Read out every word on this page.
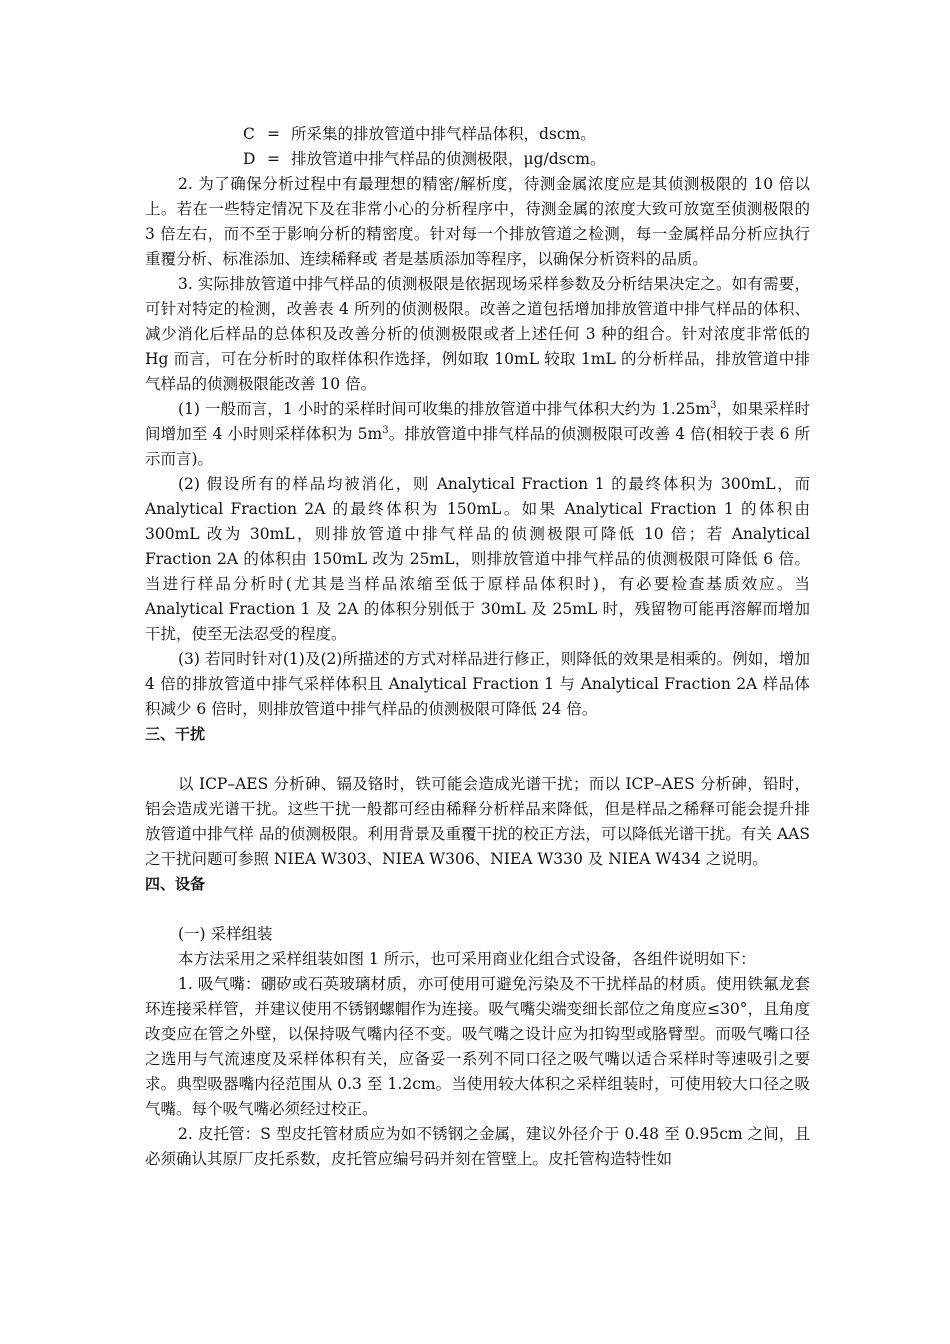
C = 所采集的排放管道中排气样品体积，dscm。

D = 排放管道中排气样品的侦测极限，μg/dscm。

2. 为了确保分析过程中有最理想的精密/解析度，待测金属浓度应是其侦测极限的 10 倍以上。若在一些特定情况下及在非常小心的分析程序中，待测金属的浓度大致可放宽至侦测极限的 3 倍左右，而不至于影响分析的精密度。针对每一个排放管道之检测，每一金属样品分析应执行重覆分析、标准添加、连续稀释或 者是基质添加等程序，以确保分析资料的品质。

3. 实际排放管道中排气样品的侦测极限是依据现场采样参数及分析结果决定之。如有需要，可针对特定的检测，改善表 4 所列的侦测极限。改善之道包括增加排放管道中排气样品的体积、减少消化后样品的总体积及改善分析的侦测极限或者上述任何 3 种的组合。针对浓度非常低的 Hg 而言，可在分析时的取样体积作选择，例如取 10mL 较取 1mL 的分析样品，排放管道中排气样品的侦测极限能改善 10 倍。

(1) 一般而言，1 小时的采样时间可收集的排放管道中排气体积大约为 $1.25m^3$，如果采样时间增加至 4 小时则采样体积为 $5m^3$。排放管道中排气样品的侦测极限可改善 4 倍(相较于表 6 所示而言)。

(2) 假设所有的样品均被消化，则 Analytical Fraction 1 的最终体积为 300mL，而 Analytical Fraction 2A 的最终体积为 150mL。如果 Analytical Fraction 1 的体积由 300mL 改为 30mL，则排放管道中排气样品的侦测极限可降低 10 倍；若 Analytical Fraction 2A 的体积由 150mL 改为 25mL，则排放管道中排气样品的侦测极限可降低 6 倍。当进行样品分析时(尤其是当样品浓缩至低于原样品体积时)，有必要检查基质效应。当 Analytical Fraction 1 及 2A 的体积分别低于 30mL 及 25mL 时，残留物可能再溶解而增加干扰，使至无法忍受的程度。

(3) 若同时针对(1)及(2)所描述的方式对样品进行修正，则降低的效果是相乘的。例如，增加 4 倍的排放管道中排气采样体积且 Analytical Fraction 1 与 Analytical Fraction 2A 样品体积减少 6 倍时，则排放管道中排气样品的侦测极限可降低 24 倍。

三、干扰

以 ICP–AES 分析砷、镉及铬时，铁可能会造成光谱干扰；而以 ICP–AES 分析砷，铅时，铝会造成光谱干扰。这些干扰一般都可经由稀释分析样品来降低，但是样品之稀释可能会提升排放管道中排气样 品的侦测极限。利用背景及重覆干扰的校正方法，可以降低光谱干扰。有关 AAS 之干扰问题可参照 NIEA W303、NIEA W306、NIEA W330 及 NIEA W434 之说明。

四、设备

(一) 采样组装

本方法采用之采样组装如图 1 所示，也可采用商业化组合式设备，各组件说明如下：

1. 吸气嘴：硼矽或石英玻璃材质，亦可使用可避免污染及不干扰样品的材质。使用铁氟龙套环连接采样管，并建议使用不锈钢螺帽作为连接。吸气嘴尖端变细长部位之角度应≤30°，且角度改变应在管之外壁，以保持吸气嘴内径不变。吸气嘴之设计应为扣钩型或胳臂型。而吸气嘴口径之选用与气流速度及采样体积有关，应备妥一系列不同口径之吸气嘴以适合采样时等速吸引之要求。典型吸器嘴内径范围从 0.3 至 1.2cm。当使用较大体积之采样组装时，可使用较大口径之吸气嘴。每个吸气嘴必须经过校正。

2. 皮托管：S 型皮托管材质应为如不锈钢之金属，建议外径介于 0.48 至 0.95cm 之间，且必须确认其原厂皮托系数，皮托管应编号码并刻在管壁上。皮托管构造特性如
